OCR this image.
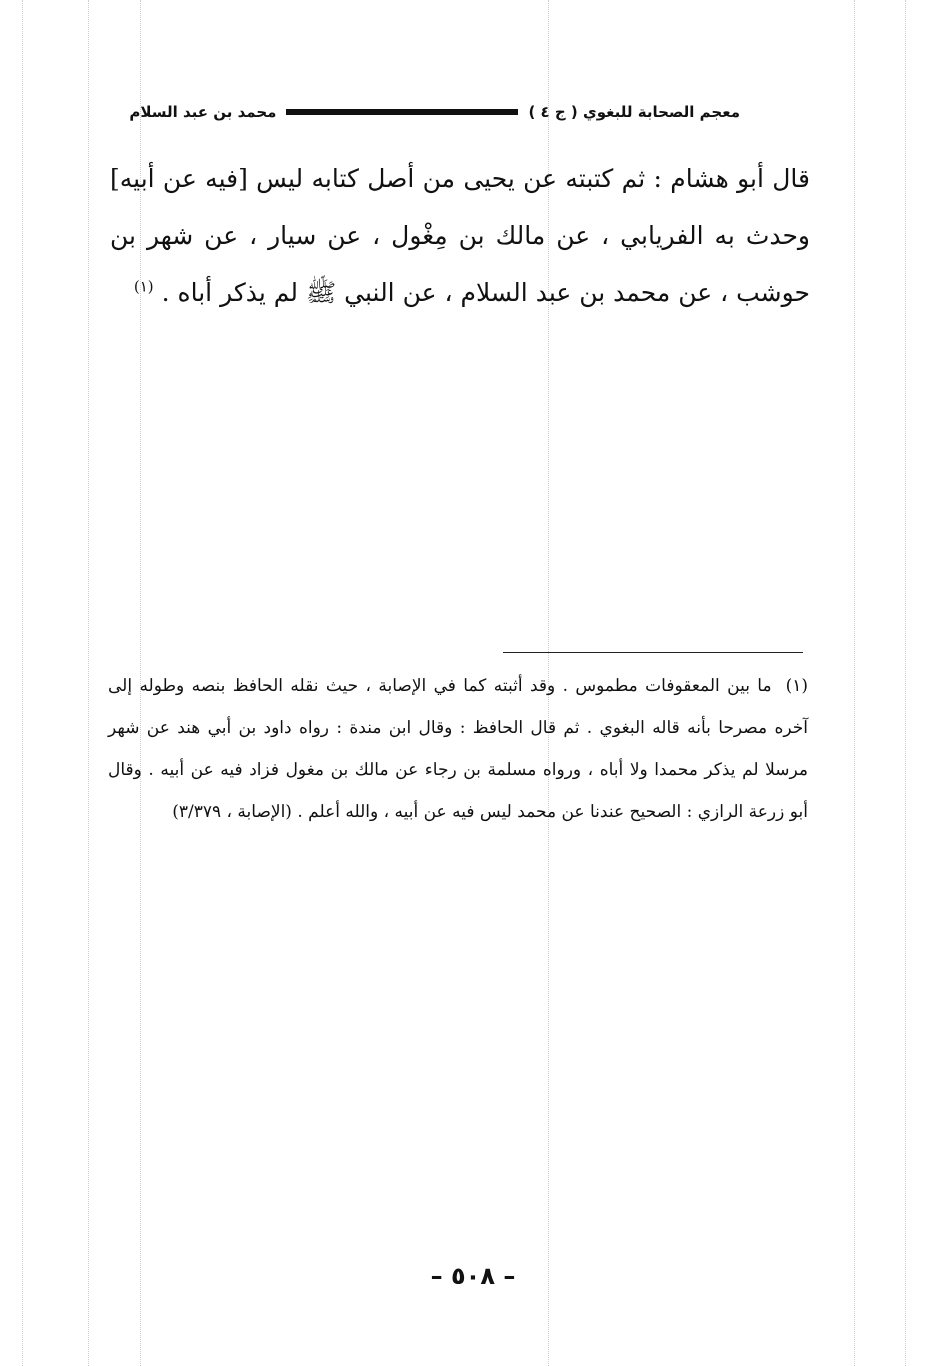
معجم الصحابة للبغوي ( ج ٤ )
محمد بن عبد السلام

قال أبو هشام : ثم كتبته عن يحيى من أصل كتابه ليس [فيه عن أبيه] وحدث به الفريابي ، عن مالك بن مِغْول ، عن سيار ، عن شهر بن حوشب ، عن محمد بن عبد السلام ، عن النبي ﷺ لم يذكر أباه . $^{(١)}$

(١)ما بين المعقوفات مطموس . وقد أثبته كما في الإصابة ، حيث نقله الحافظ بنصه وطوله إلى آخره مصرحا بأنه قاله البغوي . ثم قال الحافظ : وقال ابن مندة : رواه داود بن أبي هند عن شهر مرسلا لم يذكر محمدا ولا أباه ، ورواه مسلمة بن رجاء عن مالك بن مغول فزاد فيه عن أبيه . وقال أبو زرعة الرازي : الصحيح عندنا عن محمد ليس فيه عن أبيه ، والله أعلم . (الإصابة ، ٣/٣٧٩)

– ٥٠٨ –
